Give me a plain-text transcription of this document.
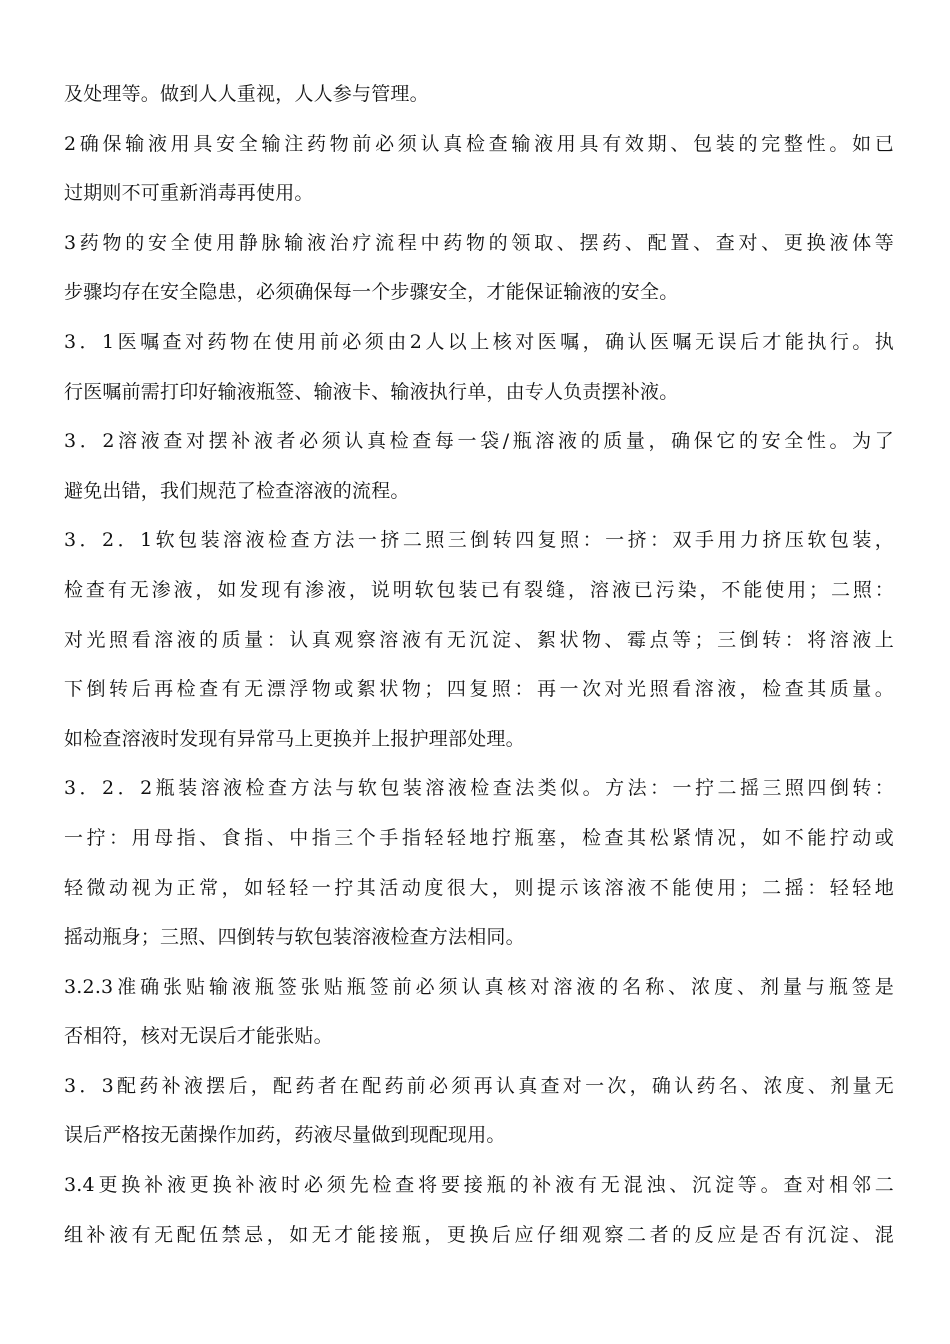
及处理等。做到人人重视，人人参与管理。
2确保输液用具安全输注药物前必须认真检查输液用具有效期、包装的完整性。如已
过期则不可重新消毒再使用。
3药物的安全使用静脉输液治疗流程中药物的领取、摆药、配置、查对、更换液体等
步骤均存在安全隐患，必须确保每一个步骤安全，才能保证输液的安全。
3．1医嘱查对药物在使用前必须由2人以上核对医嘱，确认医嘱无误后才能执行。执
行医嘱前需打印好输液瓶签、输液卡、输液执行单，由专人负责摆补液。
3．2溶液查对摆补液者必须认真检查每一袋/瓶溶液的质量，确保它的安全性。为了
避免出错，我们规范了检查溶液的流程。
3．2．1软包装溶液检查方法一挤二照三倒转四复照：一挤：双手用力挤压软包装，
检查有无渗液，如发现有渗液，说明软包装已有裂缝，溶液已污染，不能使用；二照：
对光照看溶液的质量：认真观察溶液有无沉淀、絮状物、霉点等；三倒转：将溶液上
下倒转后再检查有无漂浮物或絮状物；四复照：再一次对光照看溶液，检查其质量。
如检查溶液时发现有异常马上更换并上报护理部处理。
3．2．2瓶装溶液检查方法与软包装溶液检查法类似。方法：一拧二摇三照四倒转：
一拧：用母指、食指、中指三个手指轻轻地拧瓶塞，检查其松紧情况，如不能拧动或
轻微动视为正常，如轻轻一拧其活动度很大，则提示该溶液不能使用；二摇：轻轻地
摇动瓶身；三照、四倒转与软包装溶液检查方法相同。
3.2.3准确张贴输液瓶签张贴瓶签前必须认真核对溶液的名称、浓度、剂量与瓶签是
否相符，核对无误后才能张贴。
3．3配药补液摆后，配药者在配药前必须再认真查对一次，确认药名、浓度、剂量无
误后严格按无菌操作加药，药液尽量做到现配现用。
3.4更换补液更换补液时必须先检查将要接瓶的补液有无混浊、沉淀等。查对相邻二
组补液有无配伍禁忌，如无才能接瓶，更换后应仔细观察二者的反应是否有沉淀、混
